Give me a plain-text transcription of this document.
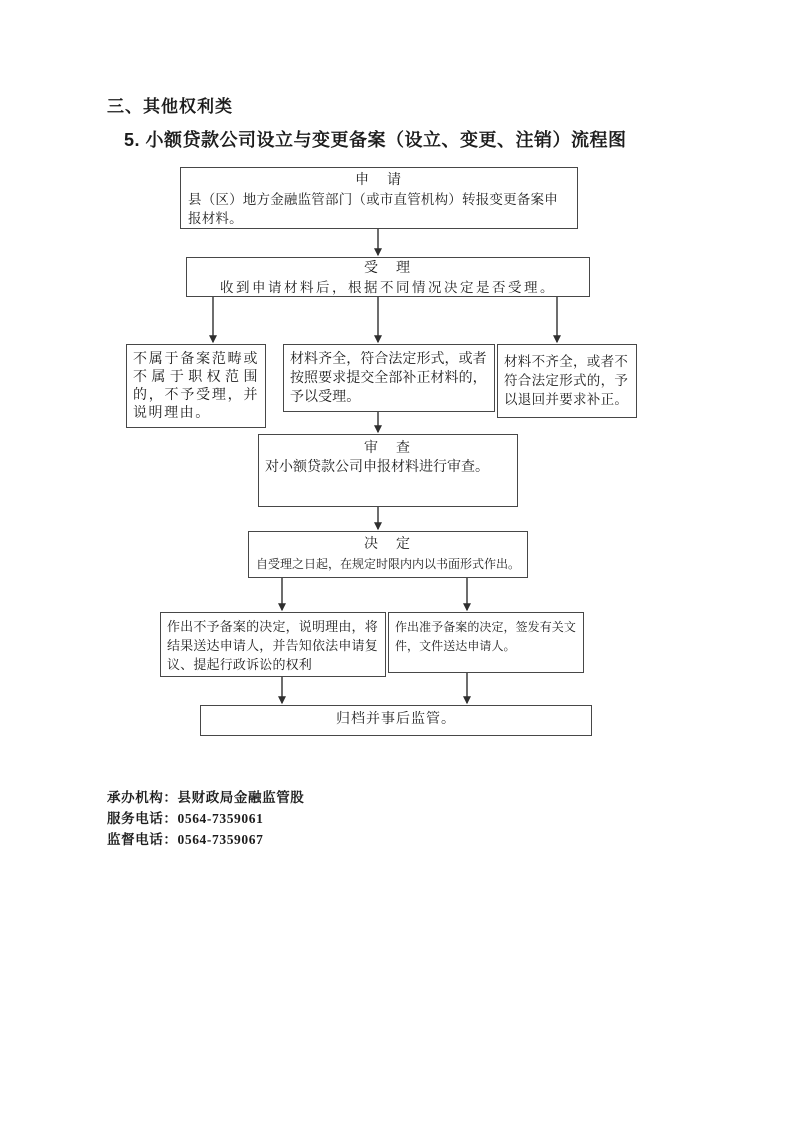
三、其他权利类
5. 小额贷款公司设立与变更备案（设立、变更、注销）流程图
申　请
县（区）地方金融监管部门（或市直管机构）转报变更备案申报材料。
受　理
收到申请材料后，根据不同情况决定是否受理。
不属于备案范畴或不属于职权范围的，不予受理，并说明理由。
材料齐全，符合法定形式，或者按照要求提交全部补正材料的，予以受理。
材料不齐全，或者不符合法定形式的，予以退回并要求补正。
审　查
对小额贷款公司申报材料进行审查。
决　定
自受理之日起，在规定时限内内以书面形式作出。
作出不予备案的决定，说明理由，将结果送达申请人，并告知依法申请复议、提起行政诉讼的权利
作出准予备案的决定，签发有关文件，文件送达申请人。
归档并事后监管。
承办机构：县财政局金融监管股
服务电话：0564-7359061
监督电话：0564-7359067
